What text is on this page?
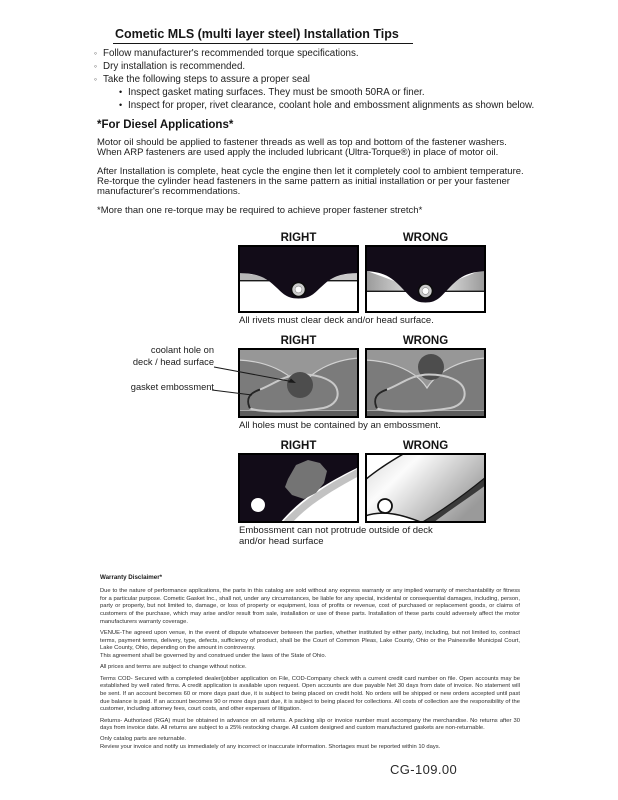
Cometic MLS (multi layer steel) Installation Tips
◦ Follow manufacturer's recommended torque specifications.
◦ Dry installation is recommended.
◦ Take the following steps to assure a proper seal
• Inspect gasket mating surfaces. They must be smooth 50RA or finer.
• Inspect for proper, rivet clearance, coolant hole and embossment alignments as shown below.
*For Diesel Applications*

Motor oil should be applied to fastener threads as well as top and bottom of the fastener washers. When ARP fasteners are used apply the included lubricant (Ultra-Torque®) in place of motor oil.

After Installation is complete, heat cycle the engine then let it completely cool to ambient temperature. Re-torque the cylinder head fasteners in the same pattern as initial installation or per your fastener manufacturer's recommendations.

*More than one re-torque may be required to achieve proper fastener stretch*

RIGHT	WRONG
All rivets must clear deck and/or head surface.
RIGHT	WRONG
All holes must be contained by an embossment.
RIGHT	WRONG
Embossment can not protrude outside of deck
and/or head surface
coolant hole on
deck / head surface
gasket embossment
Warranty Disclaimer*

Due to the nature of performance applications, the parts in this catalog are sold without any express warranty or any implied warranty of merchantability or fitness for a particular purpose. Cometic Gasket Inc., shall not, under any circumstances, be liable for any special, incidental or consequential damages, including, person, party or property, but not limited to, damage, or loss of property or equipment, loss of profits or revenue, cost of purchased or replacement goods, or claims of customers of the purchase, which may arise and/or result from sale, installation or use of these parts. Installation of these parts could adversely affect the motor manufacturers warranty coverage.

VENUE-The agreed upon venue, in the event of dispute whatsoever between the parties, whether instituted by either party, including, but not limited to, contract terms, payment terms, delivery, type, defects, sufficiency of product, shall be the Court of Common Pleas, Lake County, Ohio or the Painesville Municipal Court, Lake County, Ohio, depending on the amount in controversy.

This agreement shall be governed by and construed under the laws of the State of Ohio.

All prices and terms are subject to change without notice.

Terms COD- Secured with a completed dealer/jobber application on File, COD-Company check with a current credit card number on file. Open accounts may be established by well rated firms. A credit application is available upon request. Open accounts are due payable Net 30 days from date of invoice. No statement will be sent. If an account becomes 60 or more days past due, it is subject to being placed on credit hold. No orders will be shipped or new orders accepted until past due balance is paid. If an account becomes 90 or more days past due, it is subject to being placed for collections. All costs of collection are the responsibility of the customer, including attorney fees, court costs, and other expenses of litigation.

Returns- Authorized (RGA) must be obtained in advance on all returns. A packing slip or invoice number must accompany the merchandise. No returns after 30 days from invoice date. All returns are subject to a 25% restocking charge. All custom designed and custom manufactured gaskets are non-returnable.

Only catalog parts are returnable.

Review your invoice and notify us immediately of any incorrect or inaccurate information. Shortages must be reported within 10 days.

CG-109.00
